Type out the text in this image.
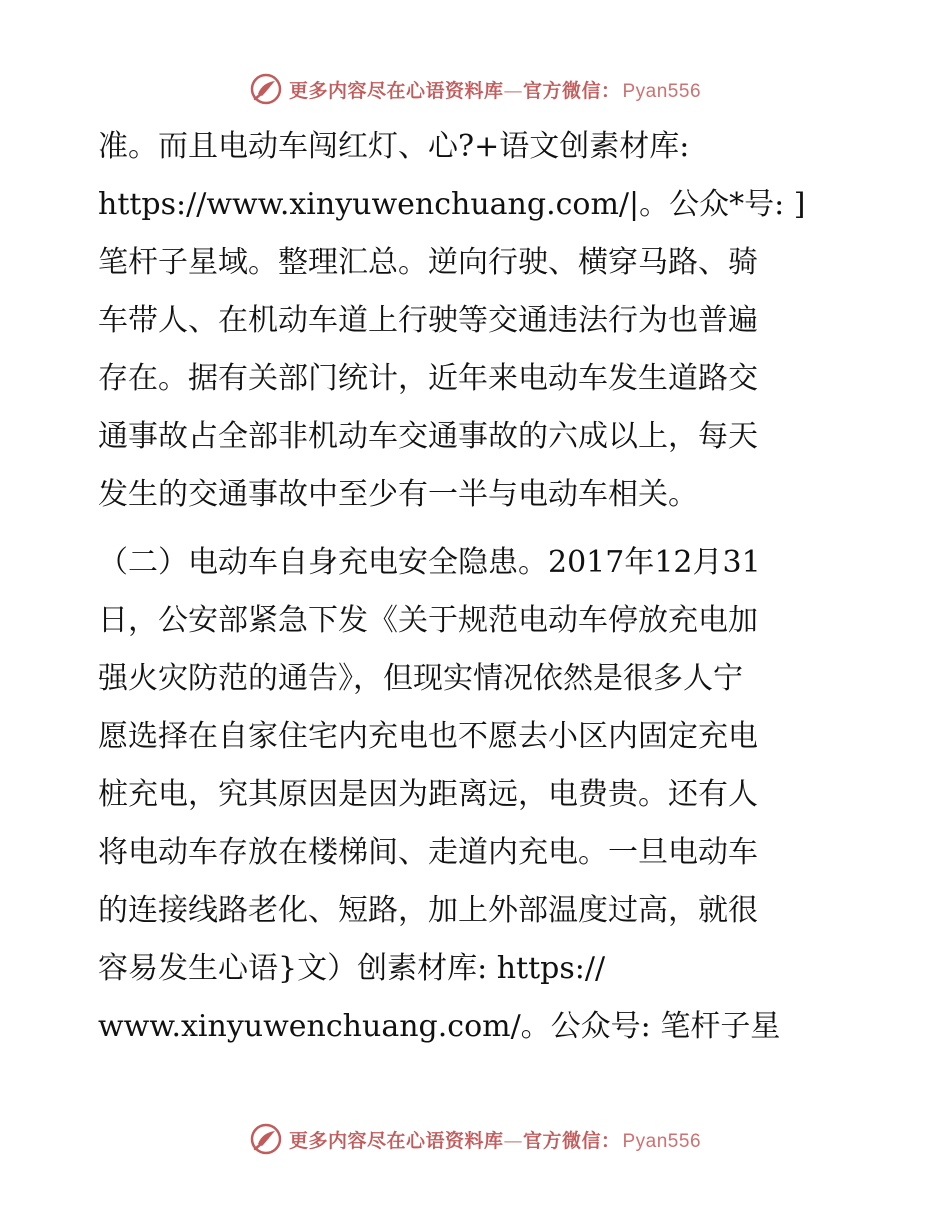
更多内容尽在心语资料库—官方微信： Pyan556
准。而且电动车闯红灯、心?+语文创素材库:
https://www.xinyuwenchuang.com/|。公众*号: ]
笔杆子星域。整理汇总。逆向行驶、横穿马路、骑
车带人、在机动车道上行驶等交通违法行为也普遍
存在。据有关部门统计，近年来电动车发生道路交
通事故占全部非机动车交通事故的六成以上，每天
发生的交通事故中至少有一半与电动车相关。
（二）电动车自身充电安全隐患。2017年12月31
日，公安部紧急下发《关于规范电动车停放充电加
强火灾防范的通告》，但现实情况依然是很多人宁
愿选择在自家住宅内充电也不愿去小区内固定充电
桩充电，究其原因是因为距离远，电费贵。还有人
将电动车存放在楼梯间、走道内充电。一旦电动车
的连接线路老化、短路，加上外部温度过高，就很
容易发生心语}文）创素材库: https://
www.xinyuwenchuang.com/。公众号: 笔杆子星
更多内容尽在心语资料库—官方微信： Pyan556
